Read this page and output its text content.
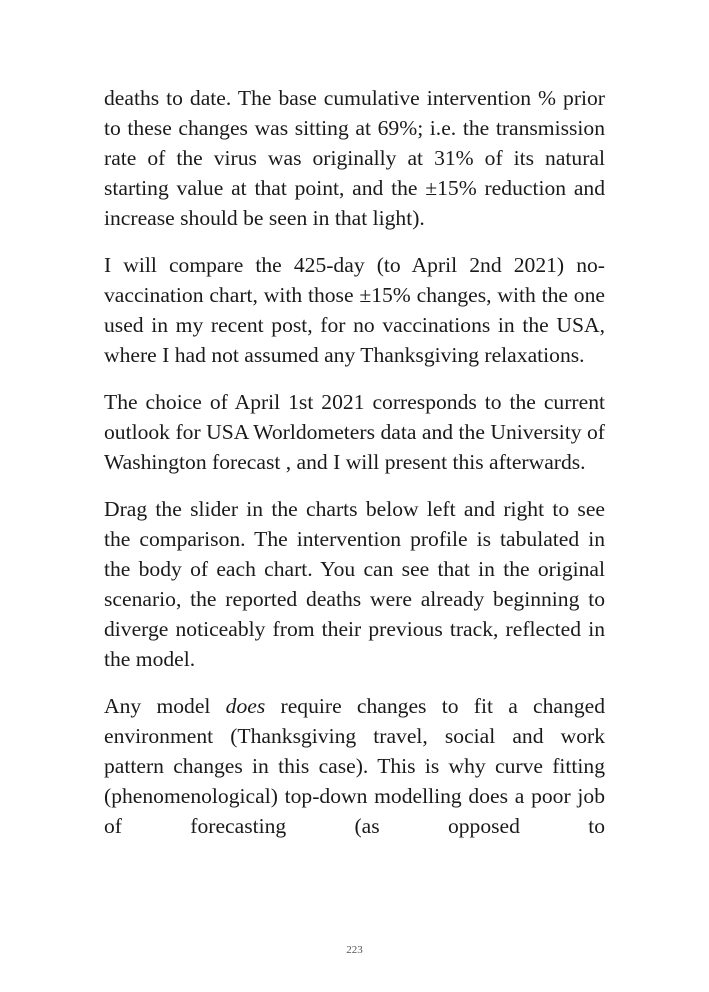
deaths to date. The base cumulative intervention % prior to these changes was sitting at 69%; i.e. the transmission rate of the virus was originally at 31% of its natural starting value at that point, and the ±15% reduction and increase should be seen in that light).

I will compare the 425-day (to April 2nd 2021) no-vaccination chart, with those ±15% changes, with the one used in my recent post, for no vaccinations in the USA, where I had not assumed any Thanksgiving relaxations.

The choice of April 1st 2021 corresponds to the current outlook for USA Worldometers data and the University of Washington forecast , and I will present this afterwards.

Drag the slider in the charts below left and right to see the comparison. The intervention profile is tabulated in the body of each chart. You can see that in the original scenario, the reported deaths were already beginning to diverge noticeably from their previous track, reflected in the model.

Any model does require changes to fit a changed environment (Thanksgiving travel, social and work pattern changes in this case). This is why curve fitting (phenomenological) top-down modelling does a poor job of forecasting (as opposed to

223
